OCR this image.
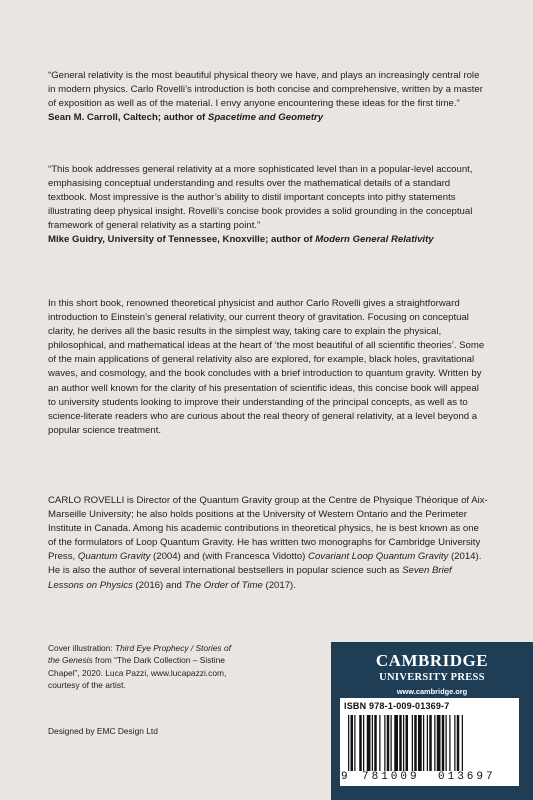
“General relativity is the most beautiful physical theory we have, and plays an increasingly central role in modern physics. Carlo Rovelli’s introduction is both concise and comprehensive, written by a master of exposition as well as of the material. I envy anyone encountering these ideas for the first time.”

Sean M. Carroll, Caltech; author of Spacetime and Geometry

“This book addresses general relativity at a more sophisticated level than in a popular-level account, emphasising conceptual understanding and results over the mathematical details of a standard textbook. Most impressive is the author’s ability to distil important concepts into pithy statements illustrating deep physical insight. Rovelli’s concise book provides a solid grounding in the conceptual framework of general relativity as a starting point.”

Mike Guidry, University of Tennessee, Knoxville; author of Modern General Relativity

In this short book, renowned theoretical physicist and author Carlo Rovelli gives a straightforward introduction to Einstein’s general relativity, our current theory of gravitation. Focusing on conceptual clarity, he derives all the basic results in the simplest way, taking care to explain the physical, philosophical, and mathematical ideas at the heart of ‘the most beautiful of all scientific theories’. Some of the main applications of general relativity also are explored, for example, black holes, gravitational waves, and cosmology, and the book concludes with a brief introduction to quantum gravity. Written by an author well known for the clarity of his presentation of scientific ideas, this concise book will appeal to university students looking to improve their understanding of the principal concepts, as well as to science-literate readers who are curious about the real theory of general relativity, at a level beyond a popular science treatment.

CARLO ROVELLI is Director of the Quantum Gravity group at the Centre de Physique Théorique of Aix-Marseille University; he also holds positions at the University of Western Ontario and the Perimeter Institute in Canada. Among his academic contributions in theoretical physics, he is best known as one of the formulators of Loop Quantum Gravity. He has written two monographs for Cambridge University Press, Quantum Gravity (2004) and (with Francesca Vidotto) Covariant Loop Quantum Gravity (2014). He is also the author of several international bestsellers in popular science such as Seven Brief Lessons on Physics (2016) and The Order of Time (2017).

Cover illustration: Third Eye Prophecy / Stories of the Genesis from “The Dark Collection – Sistine Chapel”, 2020. Luca Pazzi, www.lucapazzi.com, courtesy of the artist.
Designed by EMC Design Ltd
CAMBRIDGE
UNIVERSITY PRESS
www.cambridge.org
ISBN 978-1-009-01369-7
9 781009 013697
